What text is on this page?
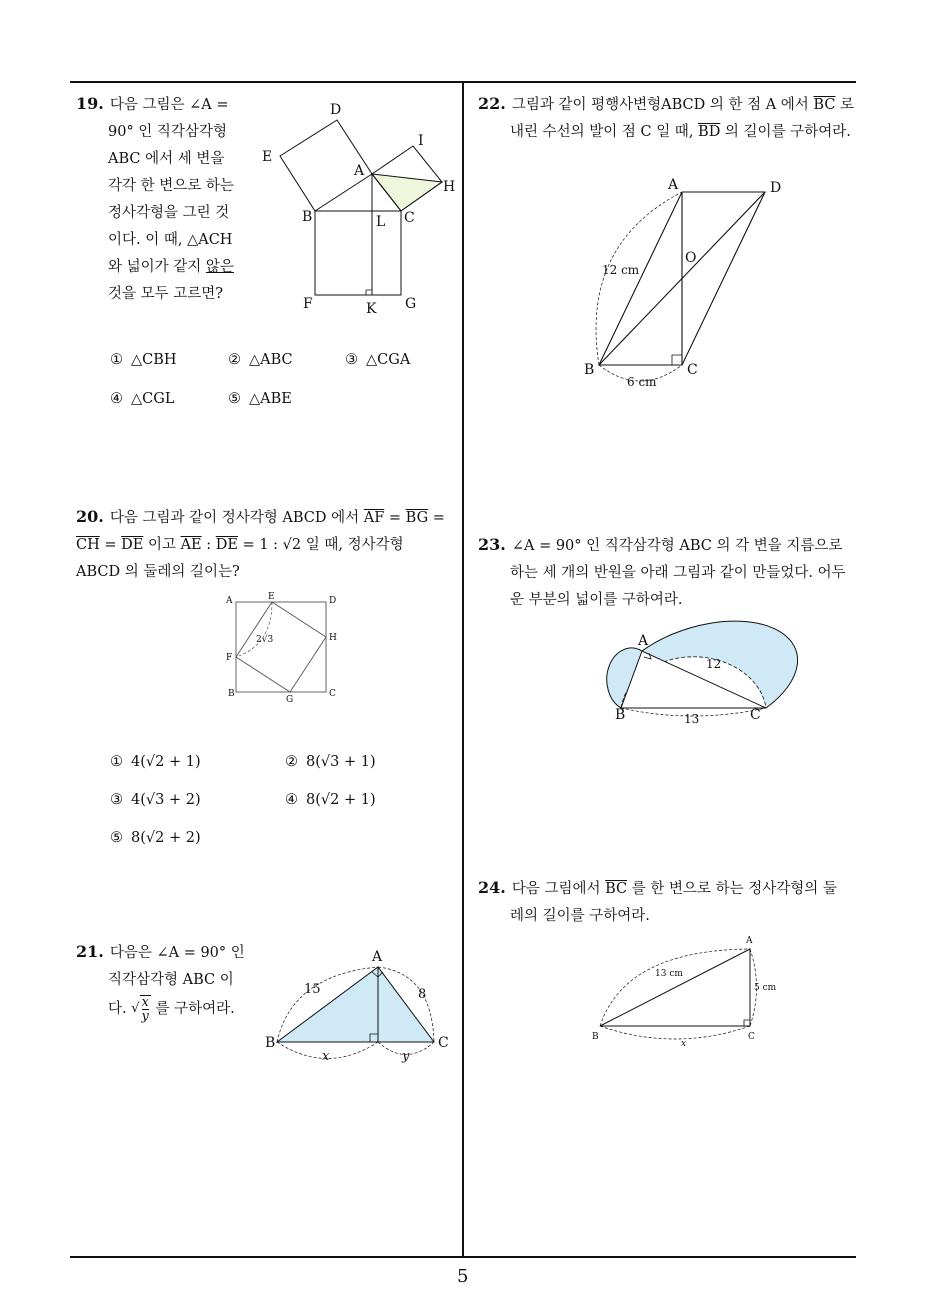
19. 다음 그림은 ∠A =
90° 인 직각삼각형
ABC 에서 세 변을
각각 한 변으로 하는
정사각형을 그린 것
이다. 이 때, △ACH
와 넓이가 같지 않은
것을 모두 고르면?
D
E
I
A
H
B	C
L
F	K G
① △CBH	② △ABC	③ △CGA
④ △CGL	⑤ △ABE
20. 다음 그림과 같이 정사각형 ABCD 에서 $\overline{AF} = \overline{BG}$ =
$\overline{CH} = \overline{DE}$ 이고 $\overline{AE}$ : $\overline{DE} = 1$ : √2 일 때, 정사각형
ABCD 의 둘레의 길이는?
A	E	D
H
F
B
G
C
2√3
① 4(√2 + 1)	② 8(√3 + 1)
③ 4(√3 + 2)	④ 8(√2 + 1)
⑤ 8(√2 + 2)
21. 다음은 ∠A = 90° 인
직각삼각형 ABC 이
다. √ $\frac{x}{y}$ 를 구하여라.
A
B	C
15	8
x	y
22. 그림과 같이 평행사변형ABCD 의 한 점 A 에서 $\overline{BC}$ 로
내린 수선의 발이 점 C 일 때, $\overline{BD}$ 의 길이를 구하여라.
A	D
O
B	C
12 cm
6 cm
23. ∠A = 90° 인 직각삼각형 ABC 의 각 변을 지름으로
하는 세 개의 반원을 아래 그림과 같이 만들었다. 어두
운 부분의 넓이를 구하여라.
A
B	C
12
13
24. 다음 그림에서 $\overline{BC}$ 를 한 변으로 하는 정사각형의 둘
레의 길이를 구하여라.
A
B	C
13 cm
5 cm
x
5
